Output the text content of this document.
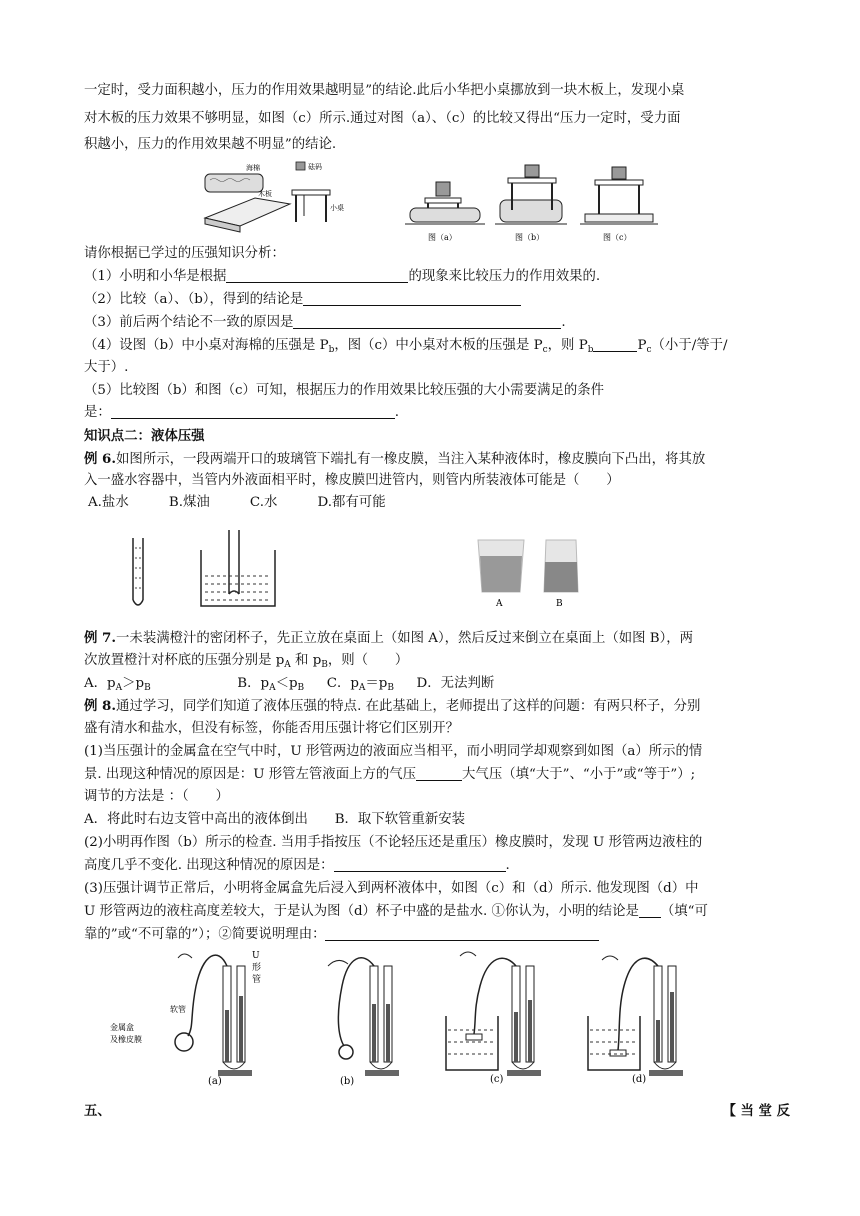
一定时，受力面积越小，压力的作用效果越明显”的结论.此后小华把小桌挪放到一块木板上，发现小桌
对木板的压力效果不够明显，如图（c）所示.通过对图（a）、（c）的比较又得出“压力一定时，受力面
积越小，压力的作用效果越不明显”的结论.
海棉
木板
砝码
小桌
图（a）	图（b）	图（c）
请你根据已学过的压强知识分析：
（1）小明和小华是根据	的现象来比较压力的作用效果的.
（2）比较（a）、（b），得到的结论是
（3）前后两个结论不一致的原因是	.
（4）设图（b）中小桌对海棉的压强是 $P_b$，图（c）中小桌对木板的压强是 $P_c$，则 $P_b$	$P_c$（小于/等于/
大于）.
（5）比较图（b）和图（c）可知，根据压力的作用效果比较压强的大小需要满足的条件
是：	.
知识点二：液体压强
例 6.如图所示，一段两端开口的玻璃管下端扎有一橡皮膜，当注入某种液体时，橡皮膜向下凸出，将其放
入一盛水容器中，当管内外液面相平时，橡皮膜凹进管内，则管内所装液体可能是（　　）
A.盐水　　　B.煤油　　　C.水　　　D.都有可能
A	B
例 7.一未装满橙汁的密闭杯子，先正立放在桌面上（如图 A），然后反过来倒立在桌面上（如图 B），两
次放置橙汁对杯底的压强分别是 $p_A$ 和 $p_B$，则（　　）
A．$p_A>p_B$	B．$p_A<p_B$ C．$p_A=p_B$ D．无法判断
例 8.通过学习，同学们知道了液体压强的特点. 在此基础上，老师提出了这样的问题：有两只杯子，分别
盛有清水和盐水，但没有标签，你能否用压强计将它们区别开？
(1)当压强计的金属盒在空气中时，U 形管两边的液面应当相平，而小明同学却观察到如图（a）所示的情
景. 出现这种情况的原因是：U 形管左管液面上方的气压	大气压（填“大于”、“小于”或“等于”）;
调节的方法是 ：（　　）
A．将此时右边支管中高出的液体倒出　　B．取下软管重新安装
(2)小明再作图（b）所示的检查. 当用手指按压（不论轻压还是重压）橡皮膜时，发现 U 形管两边液柱的
高度几乎不变化. 出现这种情况的原因是：	.
(3)压强计调节正常后，小明将金属盒先后浸入到两杯液体中，如图（c）和（d）所示. 他发现图（d）中
U 形管两边的液柱高度差较大，于是认为图（d）杯子中盛的是盐水. ①你认为，小明的结论是 （填“可
靠的”或“不可靠的”）；②简要说明理由：
U
形
管
软管
金属盒
及橡皮膜
(a)	(b)	(c)	(d)
五、	【 当 堂 反
